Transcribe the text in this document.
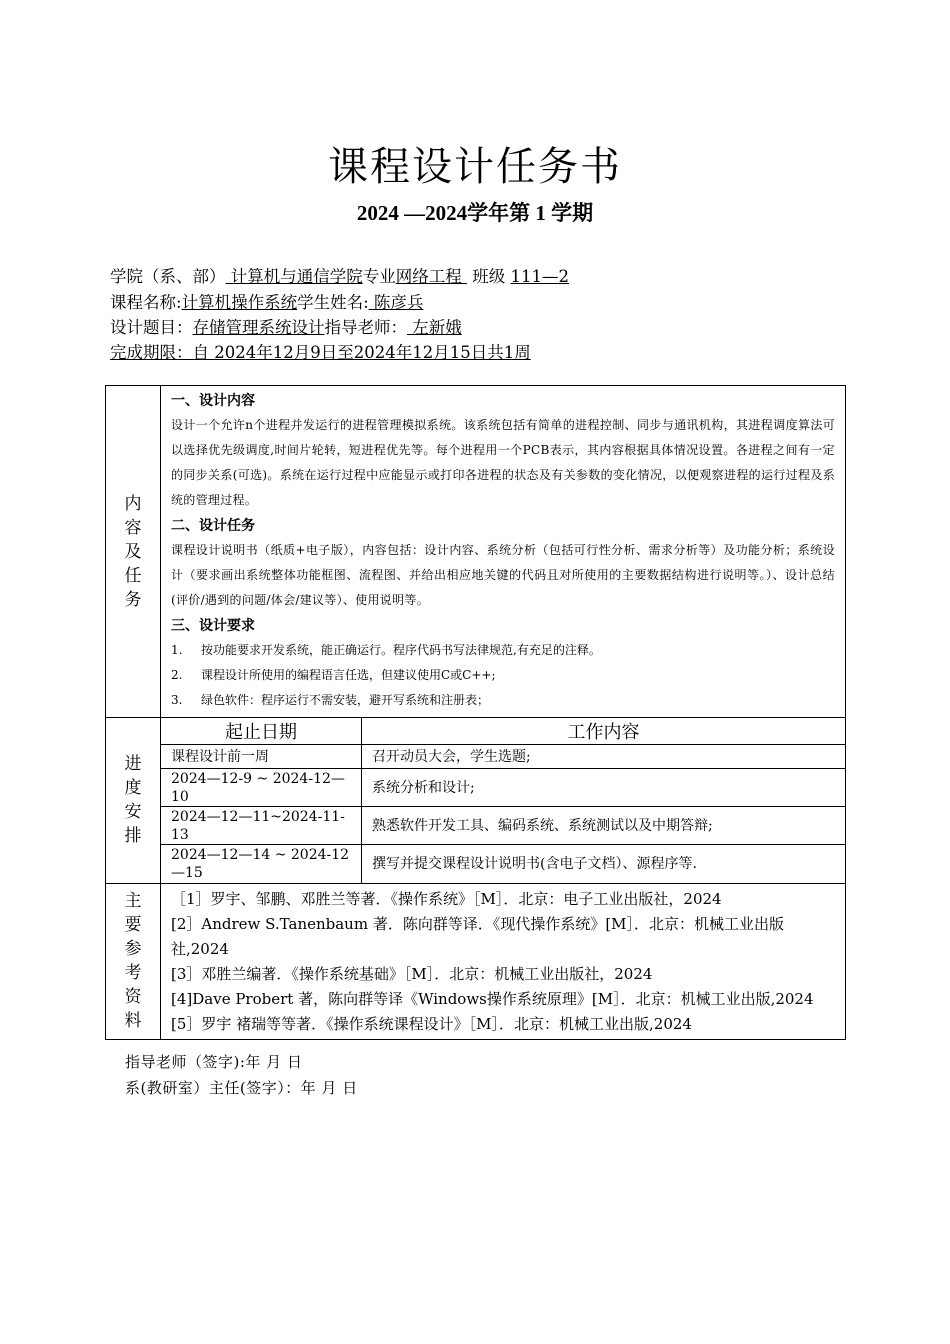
课程设计任务书
2024 —2024学年第 1 学期
学院（系、部） 计算机与通信学院专业网络工程  班级 111—2
课程名称:计算机操作系统学生姓名: 陈彦兵
设计题目：存储管理系统设计指导老师： 左新娥
完成期限：自 2024年12月9日至2024年12月15日共1周
内容及任务	
一、设计内容
设计一个允许n个进程并发运行的进程管理模拟系统。该系统包括有简单的进程控制、同步与通讯机构，其进程调度算法可以选择优先级调度,时间片轮转，短进程优先等。每个进程用一个PCB表示，其内容根据具体情况设置。各进程之间有一定的同步关系(可选)。系统在运行过程中应能显示或打印各进程的状态及有关参数的变化情况，以便观察进程的运行过程及系统的管理过程。
二、设计任务
课程设计说明书（纸质+电子版），内容包括：设计内容、系统分析（包括可行性分析、需求分析等）及功能分析；系统设计（要求画出系统整体功能框图、流程图、并给出相应地关键的代码且对所使用的主要数据结构进行说明等。）、设计总结(评价/遇到的问题/体会/建议等）、使用说明等。
三、设计要求
1. 按功能要求开发系统，能正确运行。程序代码书写法律规范,有充足的注释。
2. 课程设计所使用的编程语言任选，但建议使用C或C++;
3. 绿色软件：程序运行不需安装，避开写系统和注册表；

进度安排	
起止日期	工作内容
课程设计前一周	召开动员大会，学生选题;
2024—12-9 ~ 2024-12—10	系统分析和设计;
2024—12—11~2024-11-13	熟悉软件开发工具、编码系统、系统测试以及中期答辩;
2024—12—14 ~ 2024-12—15	撰写并提交课程设计说明书(含电子文档）、源程序等.

主要参考资料	
［1］罗宇、邹鹏、邓胜兰等著．《操作系统》［M］．北京：电子工业出版社，2024
[2］Andrew S.Tanenbaum 著．陈向群等译．《现代操作系统》[M］．北京：机械工业出版社,2024
[3］邓胜兰编著．《操作系统基础》［M］．北京：机械工业出版社，2024
[4]Dave Probert 著，陈向群等译《Windows操作系统原理》[M］．北京：机械工业出版,2024
[5］罗宇 褚瑞等等著．《操作系统课程设计》［M］．北京：机械工业出版,2024
指导老师（签字):年 月 日
系(教研室）主任(签字）：年 月 日
